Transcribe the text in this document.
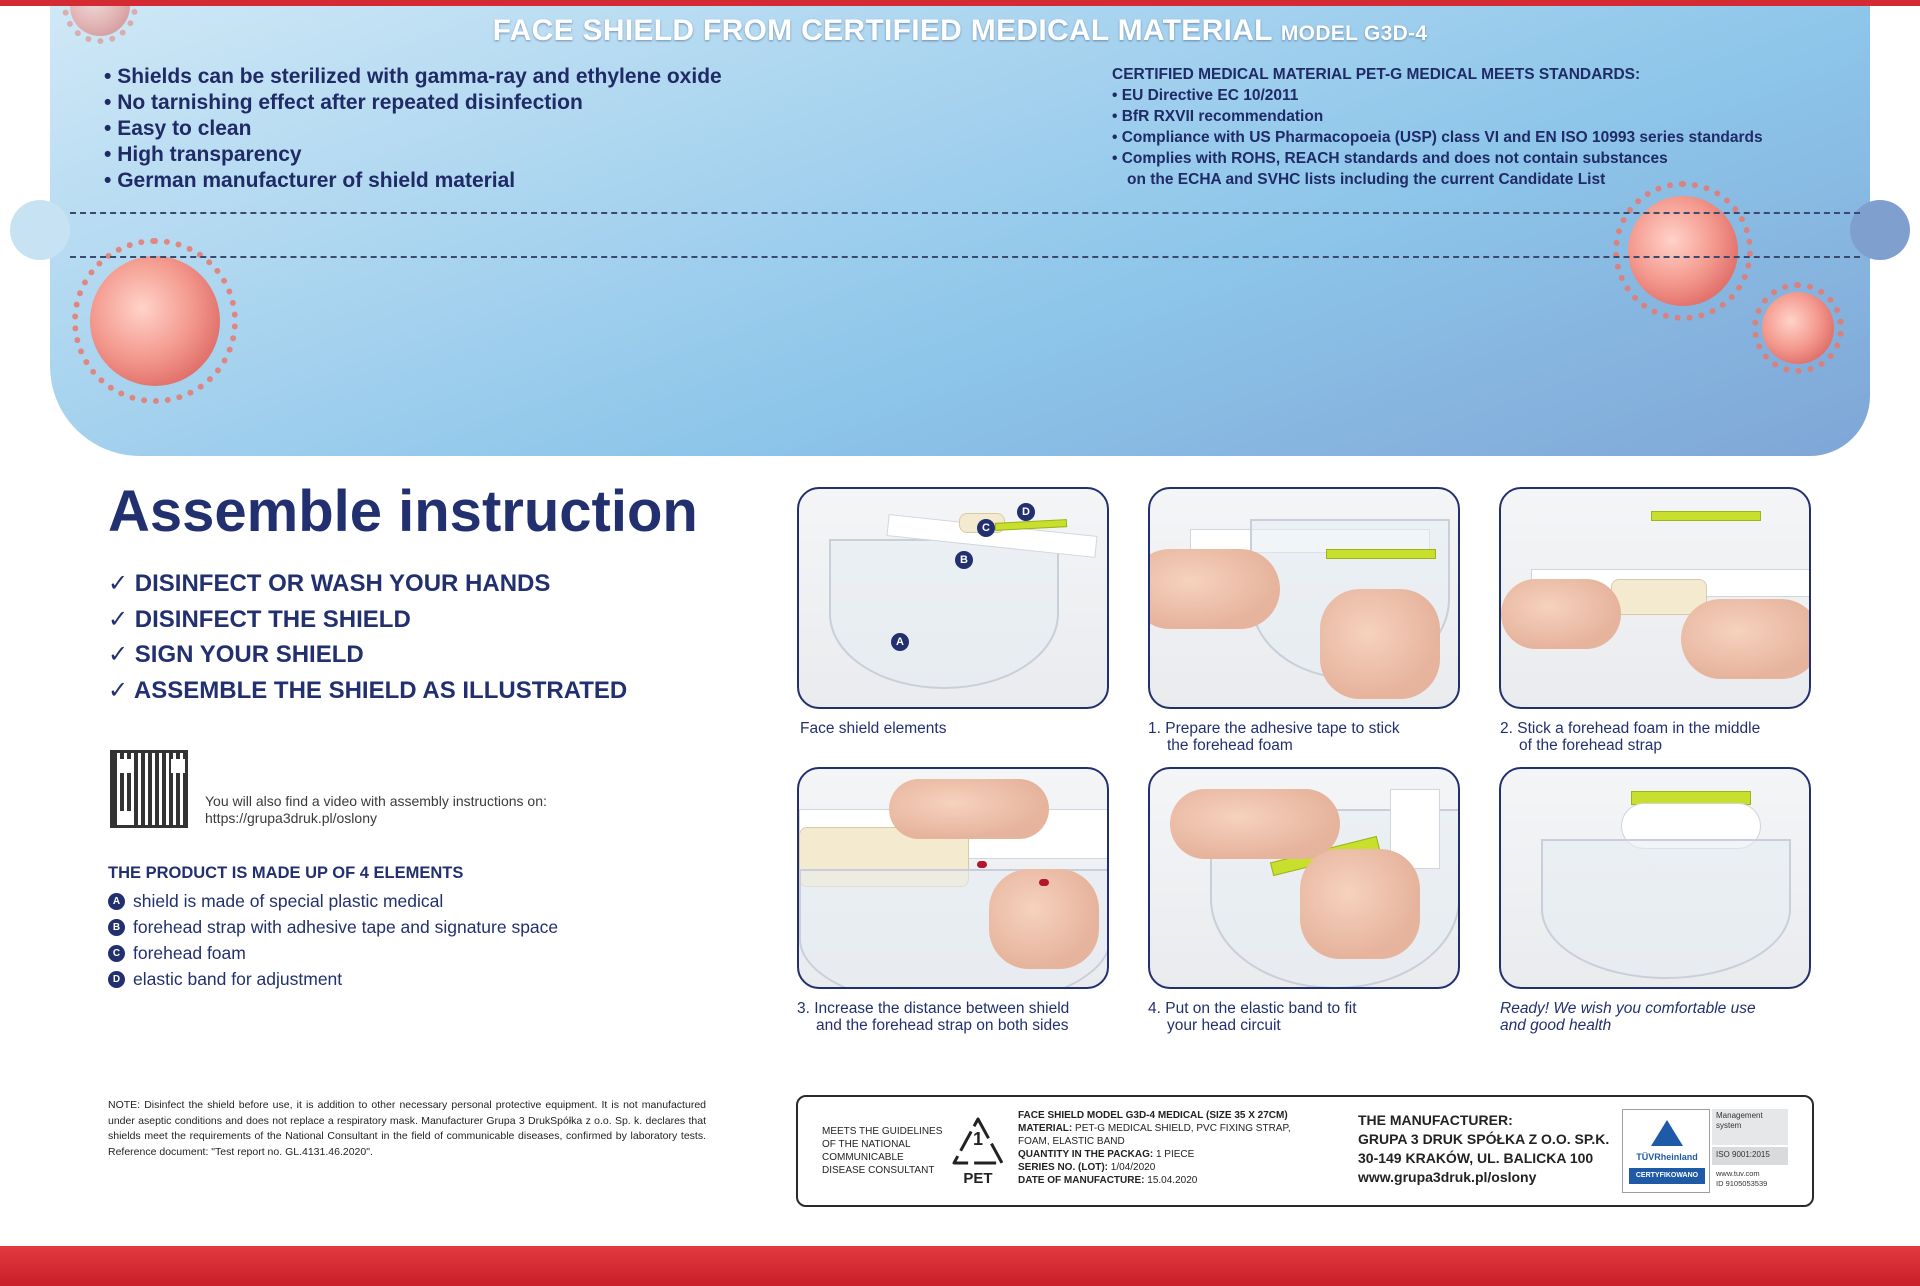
FACE SHIELD FROM CERTIFIED MEDICAL MATERIAL MODEL G3D-4
• Shields can be sterilized with gamma-ray and ethylene oxide
• No tarnishing effect after repeated disinfection
• Easy to clean
• High transparency
• German manufacturer of shield material
CERTIFIED MEDICAL MATERIAL PET-G MEDICAL MEETS STANDARDS:
• EU Directive EC 10/2011
• BfR RXVII recommendation
• Compliance with US Pharmacopoeia (USP) class VI and EN ISO 10993 series standards
• Complies with ROHS, REACH standards and does not contain substances
on the ECHA and SVHC lists including the current Candidate List
Assemble instruction
✓ DISINFECT OR WASH YOUR HANDS
✓ DISINFECT THE SHIELD
✓ SIGN YOUR SHIELD
✓ ASSEMBLE THE SHIELD AS ILLUSTRATED
You will also find a video with assembly instructions on:
https://grupa3druk.pl/oslony
THE PRODUCT IS MADE UP OF 4 ELEMENTS
A shield is made of special plastic medical
B forehead strap with adhesive tape and signature space
C forehead foam
D elastic band for adjustment
NOTE: Disinfect the shield before use, it is addition to other necessary personal protective equipment. It is not manufactured under aseptic conditions and does not replace a respiratory mask. Manufacturer Grupa 3 DrukSpółka z o.o. Sp. k. declares that shields meet the requirements of the National Consultant in the field of communicable diseases, confirmed by laboratory tests. Reference document: "Test report no. GL.4131.46.2020".
A
B
C
D
Face shield elements	1. Prepare the adhesive tape to stick
the forehead foam
2. Stick a forehead foam in the middle
of the forehead strap
3. Increase the distance between shield
and the forehead strap on both sides
4. Put on the elastic band to fit
your head circuit
Ready! We wish you comfortable use
and good health
MEETS THE GUIDELINES
OF THE NATIONAL
COMMUNICABLE
DISEASE CONSULTANT
1
PET
FACE SHIELD MODEL G3D-4 MEDICAL (SIZE 35 X 27CM)
MATERIAL: PET-G MEDICAL SHIELD, PVC FIXING STRAP,
FOAM, ELASTIC BAND
QUANTITY IN THE PACKAG: 1 PIECE
SERIES NO. (LOT): 1/04/2020
DATE OF MANUFACTURE: 15.04.2020
THE MANUFACTURER:
GRUPA 3 DRUK SPÓŁKA Z O.O. SP.K.
30-149 KRAKÓW, UL. BALICKA 100
www.grupa3druk.pl/oslony
TÜVRheinland
CERTYFIKOWANO
Management system
ISO 9001:2015
www.tuv.com
ID 9105053539
